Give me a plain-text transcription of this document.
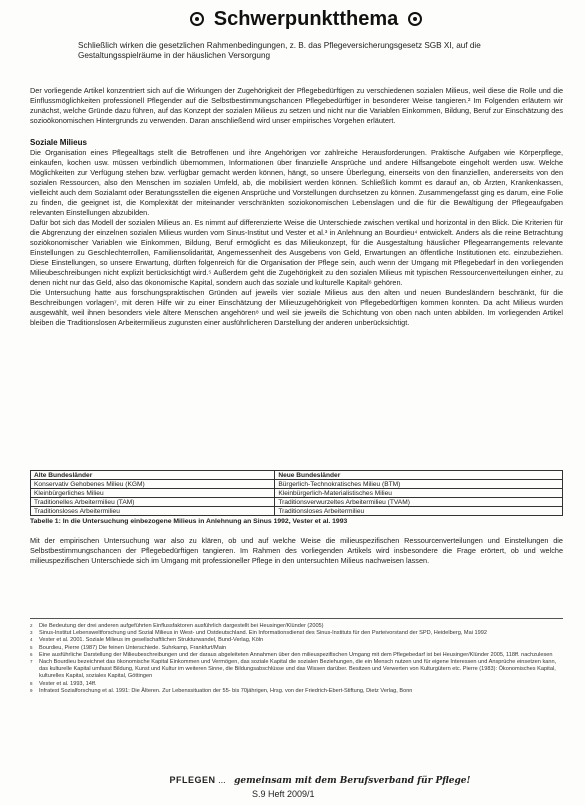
Schwerpunktthema

Schließlich wirken die gesetzlichen Rahmenbedingungen, z. B. das Pflegeversicherungsgesetz SGB XI, auf die Gestaltungsspielräume in der häuslichen Versorgung

Der vorliegende Artikel konzentriert sich auf die Wirkungen der Zugehörigkeit der Pflegebedürftigen zu verschiedenen sozialen Milieus, weil diese die Rolle und die Einflussmöglichkeiten professionell Pflegender auf die Selbstbestimmungschancen Pflegebedürftiger in besonderer Weise tangieren.² Im Folgenden erläutern wir zunächst, welche Gründe dazu führen, auf das Konzept der sozialen Milieus zu setzen und nicht nur die Variablen Einkommen, Bildung, Beruf zur Einschätzung des sozioökonomischen Hintergrunds zu verwenden. Daran anschließend wird unser empirisches Vorgehen erläutert.

Soziale Milieus

Die Organisation eines Pflegealltags stellt die Betroffenen und ihre Angehörigen vor zahlreiche Herausforderungen. Praktische Aufgaben wie Körperpflege, einkaufen, kochen usw. müssen verbindlich übernommen, Informationen über finanzielle Ansprüche und andere Hilfsangebote eingeholt werden usw. Welche Möglichkeiten zur Verfügung stehen bzw. verfügbar gemacht werden können, hängt, so unsere Überlegung, einerseits von den finanziellen, andererseits von den sozialen Ressourcen, also den Menschen im sozialen Umfeld, ab, die mobilisiert werden können. Schließlich kommt es darauf an, ob Ärzten, Krankenkassen, vielleicht auch dem Sozialamt oder Beratungsstellen die eigenen Ansprüche und Vorstellungen durchsetzen zu können. Zusammengefasst ging es darum, eine Folie zu finden, die geeignet ist, die Komplexität der miteinander verschränkten soziokonomischen Lebenslagen und die für die Bewältigung der Pflegeaufgaben relevanten Einstellungen abzubilden.

Dafür bot sich das Modell der sozialen Milieus an. Es nimmt auf differenzierte Weise die Unterschiede zwischen vertikal und horizontal in den Blick. Die Kriterien für die Abgrenzung der einzelnen sozialen Milieus wurden vom Sinus-Institut und Vester et al.³ in Anlehnung an Bourdieu⁴ entwickelt. Anders als die reine Betrachtung soziökonomischer Variablen wie Einkommen, Bildung, Beruf ermöglicht es das Milieukonzept, für die Ausgestaltung häuslicher Pflegearrangements relevante Einstellungen zu Geschlechterrollen, Familiensolidarität, Angemessenheit des Ausgebens von Geld, Erwartungen an öffentliche Institutionen etc. einzubeziehen. Diese Einstellungen, so unsere Erwartung, dürften folgenreich für die Organisation der Pflege sein, auch wenn der Umgang mit Pflegebedarf in den vorliegenden Milieubeschreibungen nicht explizit berücksichtigt wird.⁵ Außerdem geht die Zugehörigkeit zu den sozialen Milieus mit typischen Ressourcenverteilungen einher, zu denen nicht nur das Geld, also das ökonomische Kapital, sondern auch das soziale und kulturelle Kapital⁶ gehören.

Die Untersuchung hatte aus forschungspraktischen Gründen auf jeweils vier soziale Milieus aus den alten und neuen Bundesländern beschränkt, für die Beschreibungen vorlagen⁷, mit deren Hilfe wir zu einer Einschätzung der Milieuzugehörigkeit von Pflegebedürftigen kommen konnten. Da acht Milieus wurden ausgewählt, weil ihnen besonders viele ältere Menschen angehören⁸ und weil sie jeweils die Schichtung von oben nach unten abbilden. Im vorliegenden Artikel bleiben die Traditionslosen Arbeitermilieus zugunsten einer ausführlicheren Darstellung der anderen unberücksichtigt.

Alte Bundesländer	Neue Bundesländer
Konservativ Gehobenes Milieu (KGM)	Bürgerlich-Technokratisches Milieu (BTM)
Kleinbürgerliches Milieu	Kleinbürgerlich-Materialistisches Milieu
Traditionelles Arbeitermilieu (TAM)	Traditionsverwurzeltes Arbeitermilieu (TVAM)
Traditionsloses Arbeitermilieu	Traditionsloses Arbeitermilieu
Tabelle 1: In die Untersuchung einbezogene Milieus in Anlehnung an Sinus 1992, Vester et al. 1993

Mit der empirischen Untersuchung war also zu klären, ob und auf welche Weise die milieuspezifischen Ressourcenverteilungen und Einstellungen die Selbstbestimmungschancen der Pflegebedürftigen tangieren. Im Rahmen des vorliegenden Artikels wird insbesondere die Frage erörtert, ob und welche milieuspezifischen Unterschiede sich im Umgang mit professioneller Pflege in den untersuchten Milieus nachweisen lassen.

2	Die Bedeutung der drei anderen aufgeführten Einflussfaktoren ausführlich dargestellt bei Heusinger/Klünder (2005)
3	Sinus-Institut Lebensweltforschung und Sozial Milieus in West- und Ostdeutschland. Ein Informationsdienst des Sinus-Instituts für den Parteivorstand der SPD, Heidelberg, Mai 1992
4	Vester et al. 2001. Soziale Milieus im gesellschaftlichen Strukturwandel, Bund-Verlag, Köln
5	Bourdieu, Pierre (1987) Die feinen Unterschiede. Suhrkamp, Frankfurt/Main
6	Eine ausführliche Darstellung der Milieubeschreibungen und der daraus abgeleiteten Annahmen über den milieuspezifischen Umgang mit dem Pflegebedarf ist bei Heusinger/Klünder 2005, 118ff. nachzulesen
7	Nach Bourdieu bezeichnet das ökonomische Kapital Einkommen und Vermögen, das soziale Kapital die sozialen Beziehungen, die ein Mensch nutzen und für eigene Interessen und Ansprüche einsetzen kann, das kulturelle Kapital umfasst Bildung, Kunst und Kultur im weiteren Sinne, die Bildungsabschlüsse und das Wissen darüber. Besitzen und Verwerten von Kulturgütern etc. Pierre (1983): Ökonomisches Kapital, kulturelles Kapital, soziales Kapital, Göttingen
8	Vester et al. 1993, 14ff.
9	Infratest Sozialforschung et al. 1991: Die Älteren. Zur Lebenssituation der 55- bis 70jährigen, Hrsg. von der Friedrich-Ebert-Stiftung, Dietz Verlag, Bonn
PFLEGEN ... gemeinsam mit dem Berufsverband für Pflege!
S.9 Heft 2009/1
